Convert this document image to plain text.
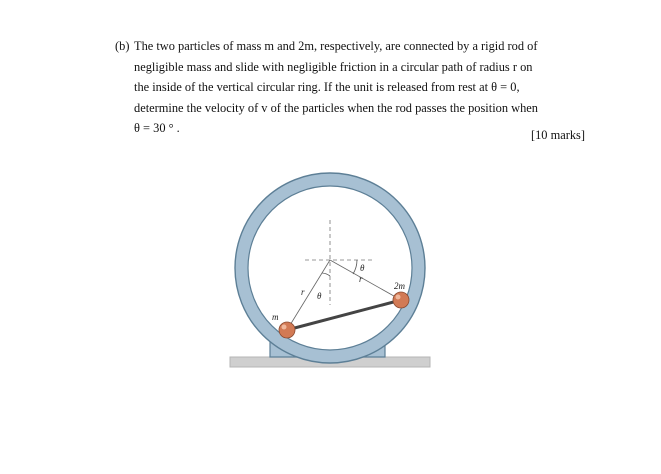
(b) The two particles of mass m and 2m, respectively, are connected by a rigid rod of
negligible mass and slide with negligible friction in a circular path of radius r on
the inside of the vertical circular ring. If the unit is released from rest at θ = 0,
determine the velocity of v of the particles when the rod passes the position when
θ = 30 ° .	[10 marks]
θ
r
r θ
2m
m
